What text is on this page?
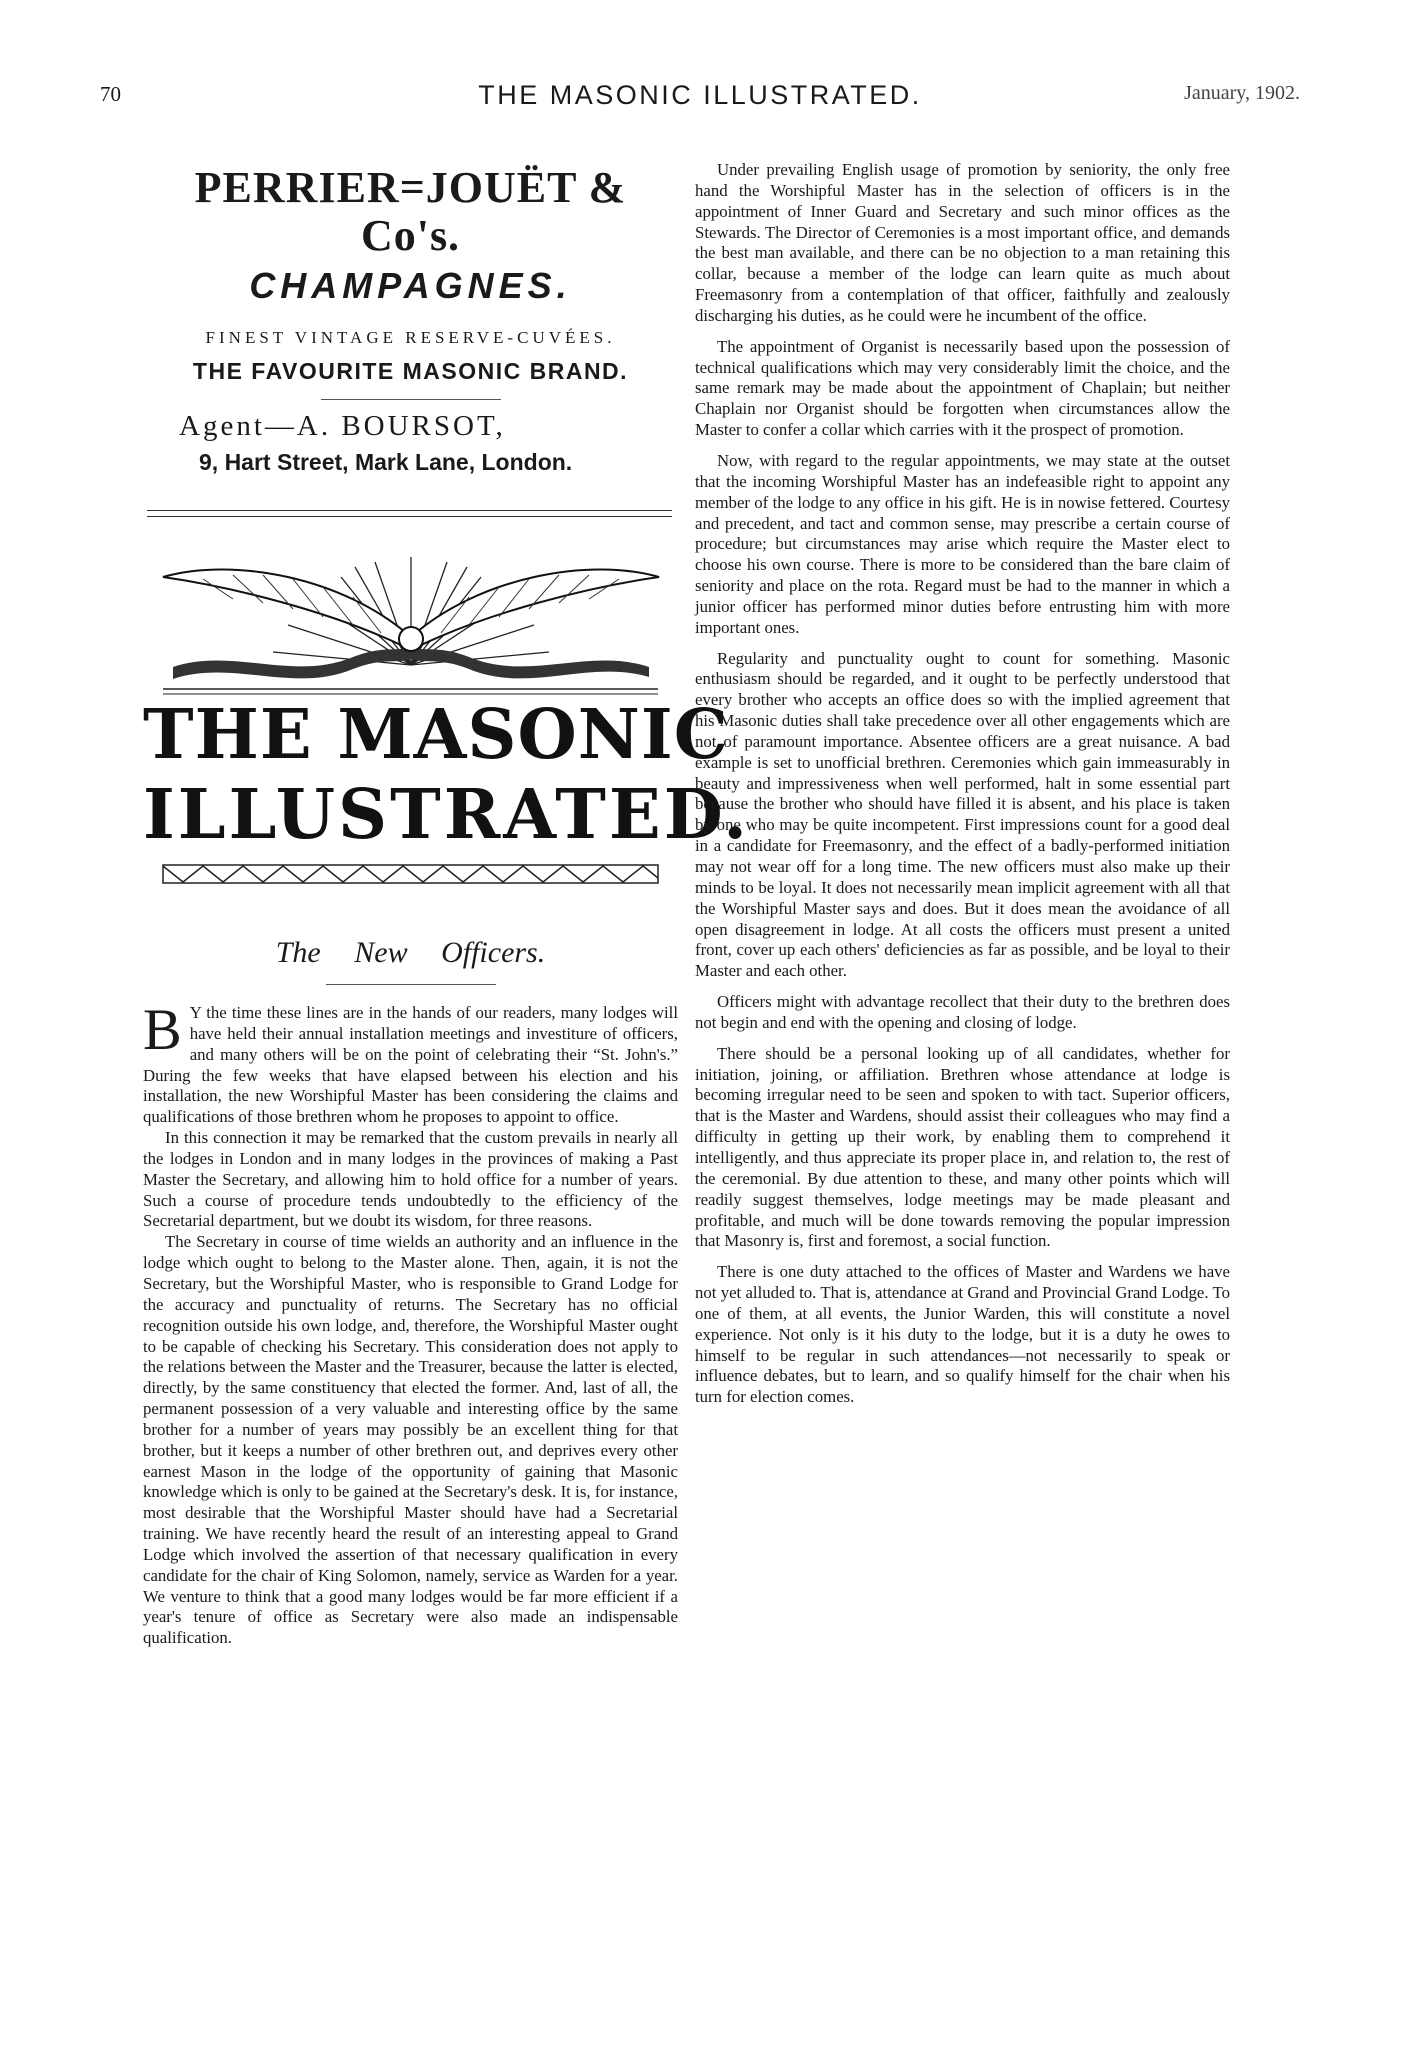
70	THE MASONIC ILLUSTRATED.	January, 1902.
PERRIER=JOUËT & Co's.
CHAMPAGNES.
FINEST VINTAGE RESERVE-CUVÉES.
THE FAVOURITE MASONIC BRAND.
Agent—A. BOURSOT,
9, Hart Street, Mark Lane, London.
THE MASONIC
ILLUSTRATED.
The New Officers.

B Y the time these lines are in the hands of our readers, many lodges will have held their annual installation meetings and investiture of officers, and many others will be on the point of celebrating their “St. John's.” During the few weeks that have elapsed between his election and his installation, the new Worshipful Master has been considering the claims and qualifications of those brethren whom he proposes to appoint to office.

In this connection it may be remarked that the custom prevails in nearly all the lodges in London and in many lodges in the provinces of making a Past Master the Secretary, and allowing him to hold office for a number of years. Such a course of procedure tends undoubtedly to the efficiency of the Secretarial department, but we doubt its wisdom, for three reasons.

The Secretary in course of time wields an authority and an influence in the lodge which ought to belong to the Master alone. Then, again, it is not the Secretary, but the Worshipful Master, who is responsible to Grand Lodge for the accuracy and punctuality of returns. The Secretary has no official recognition outside his own lodge, and, therefore, the Worshipful Master ought to be capable of checking his Secretary. This consideration does not apply to the relations between the Master and the Treasurer, because the latter is elected, directly, by the same constituency that elected the former. And, last of all, the permanent possession of a very valuable and interesting office by the same brother for a number of years may possibly be an excellent thing for that brother, but it keeps a number of other brethren out, and deprives every other earnest Mason in the lodge of the opportunity of gaining that Masonic knowledge which is only to be gained at the Secretary's desk. It is, for instance, most desirable that the Worshipful Master should have had a Secretarial training. We have recently heard the result of an interesting appeal to Grand Lodge which involved the assertion of that necessary qualification in every candidate for the chair of King Solomon, namely, service as Warden for a year. We venture to think that a good many lodges would be far more efficient if a year's tenure of office as Secretary were also made an indispensable qualification.

Under prevailing English usage of promotion by seniority, the only free hand the Worshipful Master has in the selection of officers is in the appointment of Inner Guard and Secretary and such minor offices as the Stewards. The Director of Ceremonies is a most important office, and demands the best man available, and there can be no objection to a man retaining this collar, because a member of the lodge can learn quite as much about Freemasonry from a contemplation of that officer, faithfully and zealously discharging his duties, as he could were he incumbent of the office.

The appointment of Organist is necessarily based upon the possession of technical qualifications which may very considerably limit the choice, and the same remark may be made about the appointment of Chaplain; but neither Chaplain nor Organist should be forgotten when circumstances allow the Master to confer a collar which carries with it the prospect of promotion.

Now, with regard to the regular appointments, we may state at the outset that the incoming Worshipful Master has an indefeasible right to appoint any member of the lodge to any office in his gift. He is in nowise fettered. Courtesy and precedent, and tact and common sense, may prescribe a certain course of procedure; but circumstances may arise which require the Master elect to choose his own course. There is more to be considered than the bare claim of seniority and place on the rota. Regard must be had to the manner in which a junior officer has performed minor duties before entrusting him with more important ones.

Regularity and punctuality ought to count for something. Masonic enthusiasm should be regarded, and it ought to be perfectly understood that every brother who accepts an office does so with the implied agreement that his Masonic duties shall take precedence over all other engagements which are not of paramount importance. Absentee officers are a great nuisance. A bad example is set to unofficial brethren. Ceremonies which gain immeasurably in beauty and impressiveness when well performed, halt in some essential part because the brother who should have filled it is absent, and his place is taken by one who may be quite incompetent. First impressions count for a good deal in a candidate for Freemasonry, and the effect of a badly-performed initiation may not wear off for a long time. The new officers must also make up their minds to be loyal. It does not necessarily mean implicit agreement with all that the Worshipful Master says and does. But it does mean the avoidance of all open disagreement in lodge. At all costs the officers must present a united front, cover up each others' deficiencies as far as possible, and be loyal to their Master and each other.

Officers might with advantage recollect that their duty to the brethren does not begin and end with the opening and closing of lodge.

There should be a personal looking up of all candidates, whether for initiation, joining, or affiliation. Brethren whose attendance at lodge is becoming irregular need to be seen and spoken to with tact. Superior officers, that is the Master and Wardens, should assist their colleagues who may find a difficulty in getting up their work, by enabling them to comprehend it intelligently, and thus appreciate its proper place in, and relation to, the rest of the ceremonial. By due attention to these, and many other points which will readily suggest themselves, lodge meetings may be made pleasant and profitable, and much will be done towards removing the popular impression that Masonry is, first and foremost, a social function.

There is one duty attached to the offices of Master and Wardens we have not yet alluded to. That is, attendance at Grand and Provincial Grand Lodge. To one of them, at all events, the Junior Warden, this will constitute a novel experience. Not only is it his duty to the lodge, but it is a duty he owes to himself to be regular in such attendances—not necessarily to speak or influence debates, but to learn, and so qualify himself for the chair when his turn for election comes.
